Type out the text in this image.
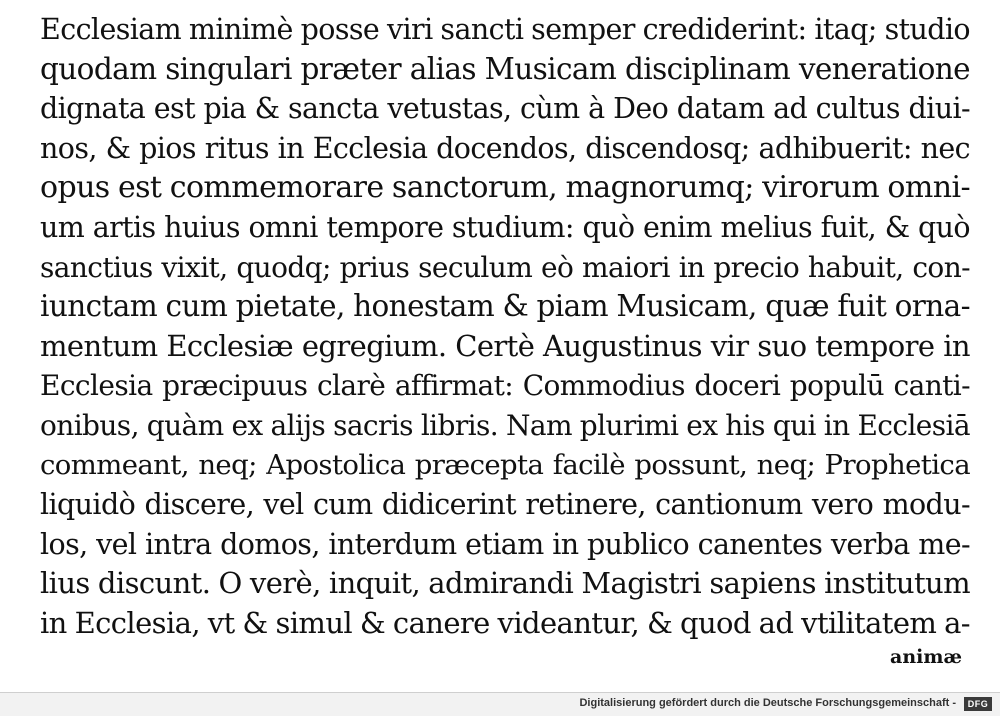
Ecclesiam minimè posse viri sancti semper crediderint: itaq; studio
quodam singulari præter alias Musicam disciplinam veneratione
dignata est pia & sancta vetustas, cùm à Deo datam ad cultus diui-
nos, & pios ritus in Ecclesia docendos, discendosq; adhibuerit: nec
opus est commemorare sanctorum, magnorumq; virorum omni-
um artis huius omni tempore studium: quò enim melius fuit, & quò
sanctius vixit, quodq; prius seculum eò maiori in precio habuit, con-
iunctam cum pietate, honestam & piam Musicam, quæ fuit orna-
mentum Ecclesiæ egregium. Certè Augustinus vir suo tempore in
Ecclesia præcipuus clarè affirmat: Commodius doceri populū canti-
onibus, quàm ex alijs sacris libris. Nam plurimi ex his qui in Ecclesiā
commeant, neq; Apostolica præcepta facilè possunt, neq; Prophetica
liquidò discere, vel cum didicerint retinere, cantionum vero modu-
los, vel intra domos, interdum etiam in publico canentes verba me-
lius discunt. O verè, inquit, admirandi Magistri sapiens institutum
in Ecclesia, vt & simul & canere videantur, & quod ad vtilitatem a-
animæ
Digitalisierung gefördert durch die Deutsche Forschungsgemeinschaft -	DFG
